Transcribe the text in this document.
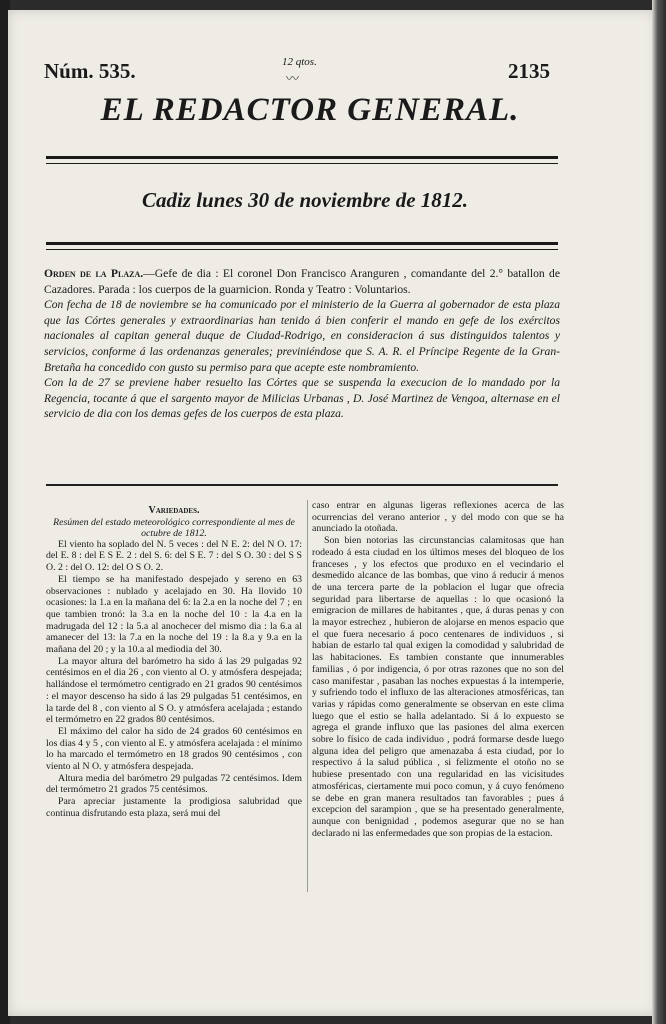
Núm. 535.	12 qtos.
〰	2135
EL REDACTOR GENERAL.
Cadiz lunes 30 de noviembre de 1812.
Orden de la Plaza.—Gefe de dia : El coronel Don Francisco Aranguren , comandante del 2.° batallon de Cazadores. Parada : los cuerpos de la guarnicion. Ronda y Teatro : Voluntarios.
Con fecha de 18 de noviembre se ha comunicado por el ministerio de la Guerra al gobernador de esta plaza que las Córtes generales y extraordinarias han tenido á bien conferir el mando en gefe de los exércitos nacionales al capitan general duque de Ciudad-Rodrigo, en consideracion á sus distinguidos talentos y servicios, conforme á las ordenanzas generales; previniéndose que S. A. R. el Príncipe Regente de la Gran-Bretaña ha concedido con gusto su permiso para que acepte este nombramiento.
Con la de 27 se previene haber resuelto las Córtes que se suspenda la execucion de lo mandado por la Regencia, tocante á que el sargento mayor de Milicias Urbanas , D. José Martinez de Vengoa, alternase en el servicio de dia con los demas gefes de los cuerpos de esta plaza.

Variedades.

Resúmen del estado meteorológico correspondiente al mes de octubre de 1812.

El viento ha soplado del N. 5 veces : del N E. 2: del N O. 17: del E. 8 : del E S E. 2 : del S. 6: del S E. 7 : del S O. 30 : del S S O. 2 : del O. 12: del O S O. 2.

El tiempo se ha manifestado despejado y sereno en 63 observaciones : nublado y acelajado en 30. Ha llovido 10 ocasiones: la 1.a en la mañana del 6: la 2.a en la noche del 7 ; en que tambien tronó: la 3.a en la noche del 10 : la 4.a en la madrugada del 12 : la 5.a al anochecer del mismo dia : la 6.a al amanecer del 13: la 7.a en la noche del 19 : la 8.a y 9.a en la mañana del 20 ; y la 10.a al mediodia del 30.

La mayor altura del barómetro ha sido á las 29 pulgadas 92 centésimos en el dia 26 , con viento al O. y atmósfera despejada; hallándose el termómetro centigrado en 21 grados 90 centésimos : el mayor descenso ha sido á las 29 pulgadas 51 centésimos, en la tarde del 8 , con viento al S O. y atmósfera acelajada ; estando el termómetro en 22 grados 80 centésimos.

El máximo del calor ha sido de 24 grados 60 centésimos en los dias 4 y 5 , con viento al E. y atmósfera acelajada : el mínimo lo ha marcado el termómetro en 18 grados 90 centésimos , con viento al N O. y atmósfera despejada.

Altura media del barómetro 29 pulgadas 72 centésimos. Idem del termómetro 21 grados 75 centésimos.

Para apreciar justamente la prodigiosa salubridad que continua disfrutando esta plaza, será mui del

caso entrar en algunas ligeras reflexiones acerca de las ocurrencias del verano anterior , y del modo con que se ha anunciado la otoñada.

Son bien notorias las circunstancias calamitosas que han rodeado á esta ciudad en los últimos meses del bloqueo de los franceses , y los efectos que produxo en el vecindario el desmedido alcance de las bombas, que vino á reducir á menos de una tercera parte de la poblacion el lugar que ofrecia seguridad para libertarse de aquellas : lo que ocasionó la emigracion de millares de habitantes , que, á duras penas y con la mayor estrechez , hubieron de alojarse en menos espacio que el que fuera necesario á poco centenares de individuos , si habian de estarlo tal qual exigen la comodidad y salubridad de las habitaciones. Es tambien constante que innumerables familias , ó por indigencia, ó por otras razones que no son del caso manifestar , pasaban las noches expuestas á la intemperie, y sufriendo todo el influxo de las alteraciones atmosféricas, tan varias y rápidas como generalmente se observan en este clima luego que el estio se halla adelantado. Si á lo expuesto se agrega el grande influxo que las pasiones del alma exercen sobre lo físico de cada individuo , podrá formarse desde luego alguna idea del peligro que amenazaba á esta ciudad, por lo respectivo á la salud pública , si felizmente el otoño no se hubiese presentado con una regularidad en las vicisitudes atmosféricas, ciertamente mui poco comun, y á cuyo fenómeno se debe en gran manera resultados tan favorables ; pues á excepcion del sarampion , que se ha presentado generalmente, aunque con benignidad , podemos asegurar que no se han declarado ni las enfermedades que son propias de la estacion.
